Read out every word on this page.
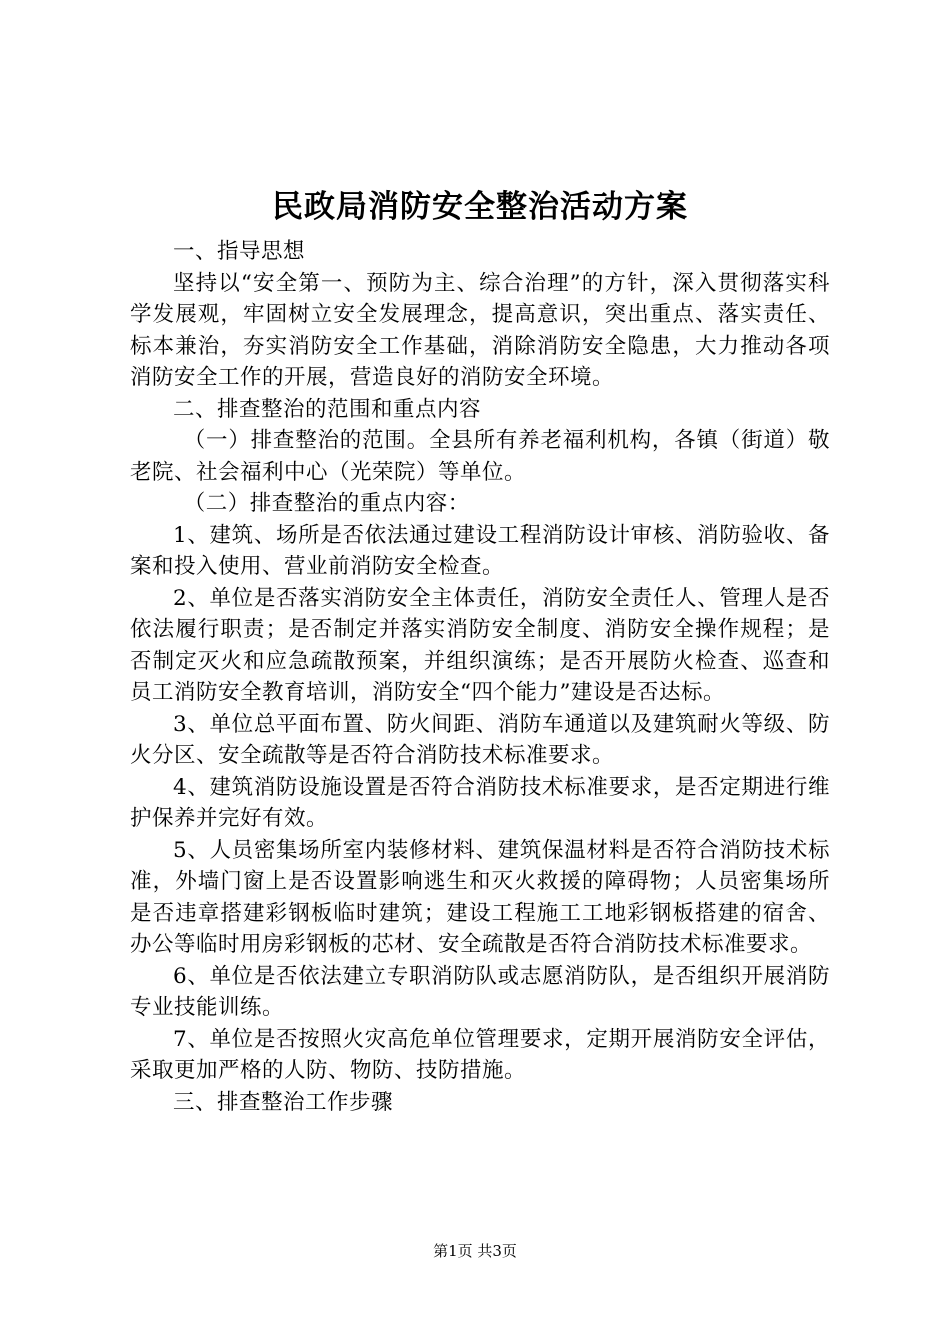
民政局消防安全整治活动方案

一、指导思想

坚持以“安全第一、预防为主、综合治理”的方针，深入贯彻落实科学发展观，牢固树立安全发展理念，提高意识，突出重点、落实责任、标本兼治，夯实消防安全工作基础，消除消防安全隐患，大力推动各项消防安全工作的开展，营造良好的消防安全环境。

二、排查整治的范围和重点内容

（一）排查整治的范围。全县所有养老福利机构，各镇（街道）敬老院、社会福利中心（光荣院）等单位。

（二）排查整治的重点内容：

1、建筑、场所是否依法通过建设工程消防设计审核、消防验收、备案和投入使用、营业前消防安全检查。

2、单位是否落实消防安全主体责任，消防安全责任人、管理人是否依法履行职责；是否制定并落实消防安全制度、消防安全操作规程；是否制定灭火和应急疏散预案，并组织演练；是否开展防火检查、巡查和员工消防安全教育培训，消防安全“四个能力”建设是否达标。

3、单位总平面布置、防火间距、消防车通道以及建筑耐火等级、防火分区、安全疏散等是否符合消防技术标准要求。

4、建筑消防设施设置是否符合消防技术标准要求，是否定期进行维护保养并完好有效。

5、人员密集场所室内装修材料、建筑保温材料是否符合消防技术标准，外墙门窗上是否设置影响逃生和灭火救援的障碍物；人员密集场所是否违章搭建彩钢板临时建筑；建设工程施工工地彩钢板搭建的宿舍、办公等临时用房彩钢板的芯材、安全疏散是否符合消防技术标准要求。

6、单位是否依法建立专职消防队或志愿消防队，是否组织开展消防专业技能训练。

7、单位是否按照火灾高危单位管理要求，定期开展消防安全评估，采取更加严格的人防、物防、技防措施。

三、排查整治工作步骤

第1页 共3页
